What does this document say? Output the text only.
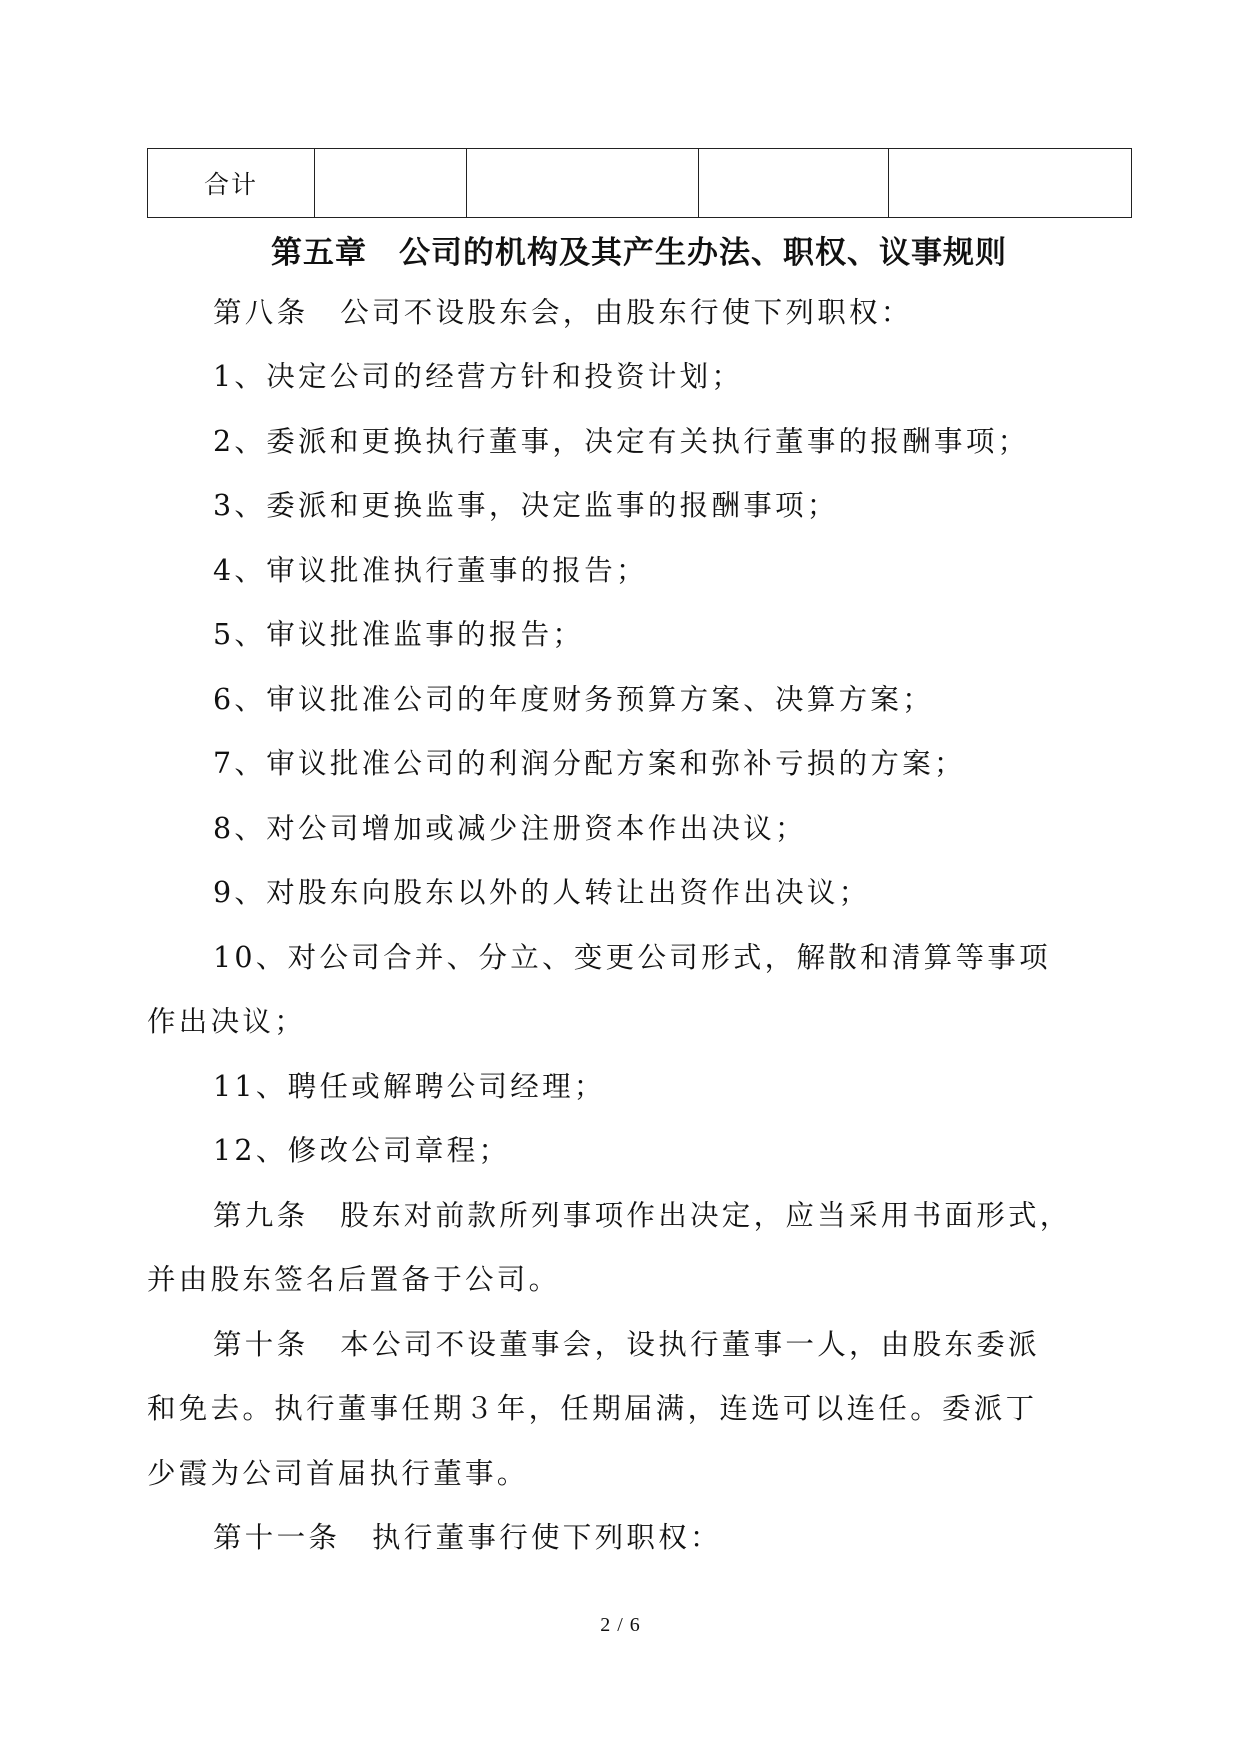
合计				
第五章　公司的机构及其产生办法、职权、议事规则

第八条　公司不设股东会，由股东行使下列职权：

1、决定公司的经营方针和投资计划；

2、委派和更换执行董事，决定有关执行董事的报酬事项；

3、委派和更换监事，决定监事的报酬事项；

4、审议批准执行董事的报告；

5、审议批准监事的报告；

6、审议批准公司的年度财务预算方案、决算方案；

7、审议批准公司的利润分配方案和弥补亏损的方案；

8、对公司增加或减少注册资本作出决议；

9、对股东向股东以外的人转让出资作出决议；

10、对公司合并、分立、变更公司形式，解散和清算等事项

作出决议；

11、聘任或解聘公司经理；

12、修改公司章程；

第九条　股东对前款所列事项作出决定，应当采用书面形式，

并由股东签名后置备于公司。

第十条　本公司不设董事会，设执行董事一人，由股东委派

和免去。执行董事任期３年，任期届满，连选可以连任。委派丁

少霞为公司首届执行董事。

第十一条　执行董事行使下列职权：

2 / 6
